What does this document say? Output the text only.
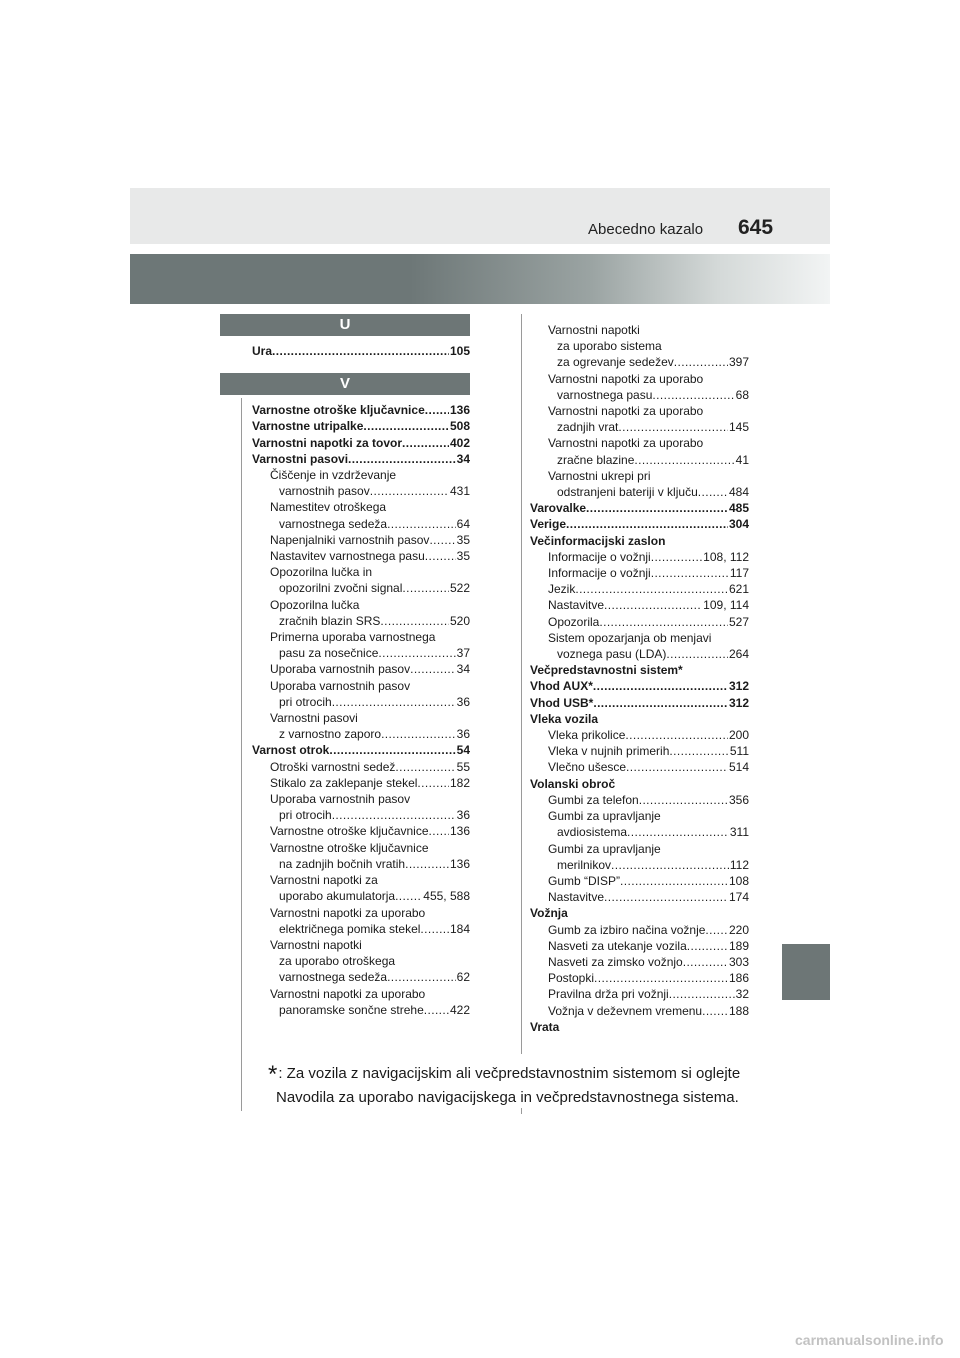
Abecedno kazalo 645
U
Ura .....	105
V
Varnostne otroške ključavnice ..... 136
Varnostne utripalke .....	508
Varnostni napotki za tovor .....	402
Varnostni pasovi .....	34
Čiščenje in vzdrževanje
varnostnih pasov .....	431
Namestitev otroškega
varnostnega sedeža .....	64
Napenjalniki varnostnih pasov ..... 35
Nastavitev varnostnega pasu .....	35
Opozorilna lučka in
opozorilni zvočni signal .....	522
Opozorilna lučka
zračnih blazin SRS .....	520
Primerna uporaba varnostnega
pasu za nosečnice .....	37
Uporaba varnostnih pasov .....	34
Uporaba varnostnih pasov
pri otrocih .....	36
Varnostni pasovi
z varnostno zaporo .....	36
Varnost otrok .....	54
Otroški varnostni sedež .....	55
Stikalo za zaklepanje stekel .....	182
Uporaba varnostnih pasov
pri otrocih .....	36
Varnostne otroške ključavnice ..... 136
Varnostne otroške ključavnice
na zadnjih bočnih vratih .....	136
Varnostni napotki za
uporabo akumulatorja ..... 455, 588
Varnostni napotki za uporabo
električnega pomika stekel ..... 184
Varnostni napotki
za uporabo otroškega
varnostnega sedeža .....	62
Varnostni napotki za uporabo
panoramske sončne strehe ..... 422
Varnostni napotki
za uporabo sistema
za ogrevanje sedežev .....	397
Varnostni napotki za uporabo
varnostnega pasu .....	68
Varnostni napotki za uporabo
zadnjih vrat .....	145
Varnostni napotki za uporabo
zračne blazine .....	41
Varnostni ukrepi pri
odstranjeni bateriji v ključu .....	484
Varovalke .....	485
Verige .....	304
Večinformacijski zaslon
Informacije o vožnji .....	108, 112
Informacije o vožnji .....	117
Jezik .....	621
Nastavitve .....	109, 114
Opozorila .....	527
Sistem opozarjanja ob menjavi
voznega pasu (LDA) .....	264
Večpredstavnostni sistem*
Vhod AUX* .....	312
Vhod USB* .....	312
Vleka vozila
Vleka prikolice .....	200
Vleka v nujnih primerih .....	511
Vlečno ušesce .....	514
Volanski obroč
Gumbi za telefon .....	356
Gumbi za upravljanje
avdiosistema .....	311
Gumbi za upravljanje
merilnikov .....	112
Gumb “DISP” .....	108
Nastavitve .....	174
Vožnja
Gumb za izbiro načina vožnje ..... 220
Nasveti za utekanje vozila .....	189
Nasveti za zimsko vožnjo .....	303
Postopki .....	186
Pravilna drža pri vožnji .....	32
Vožnja v deževnem vremenu ..... 188
Vrata
*: Za vozila z navigacijskim ali večpredstavnostnim sistemom si oglejte
Navodila za uporabo navigacijskega in večpredstavnostnega sistema.
carmanualsonline.info
